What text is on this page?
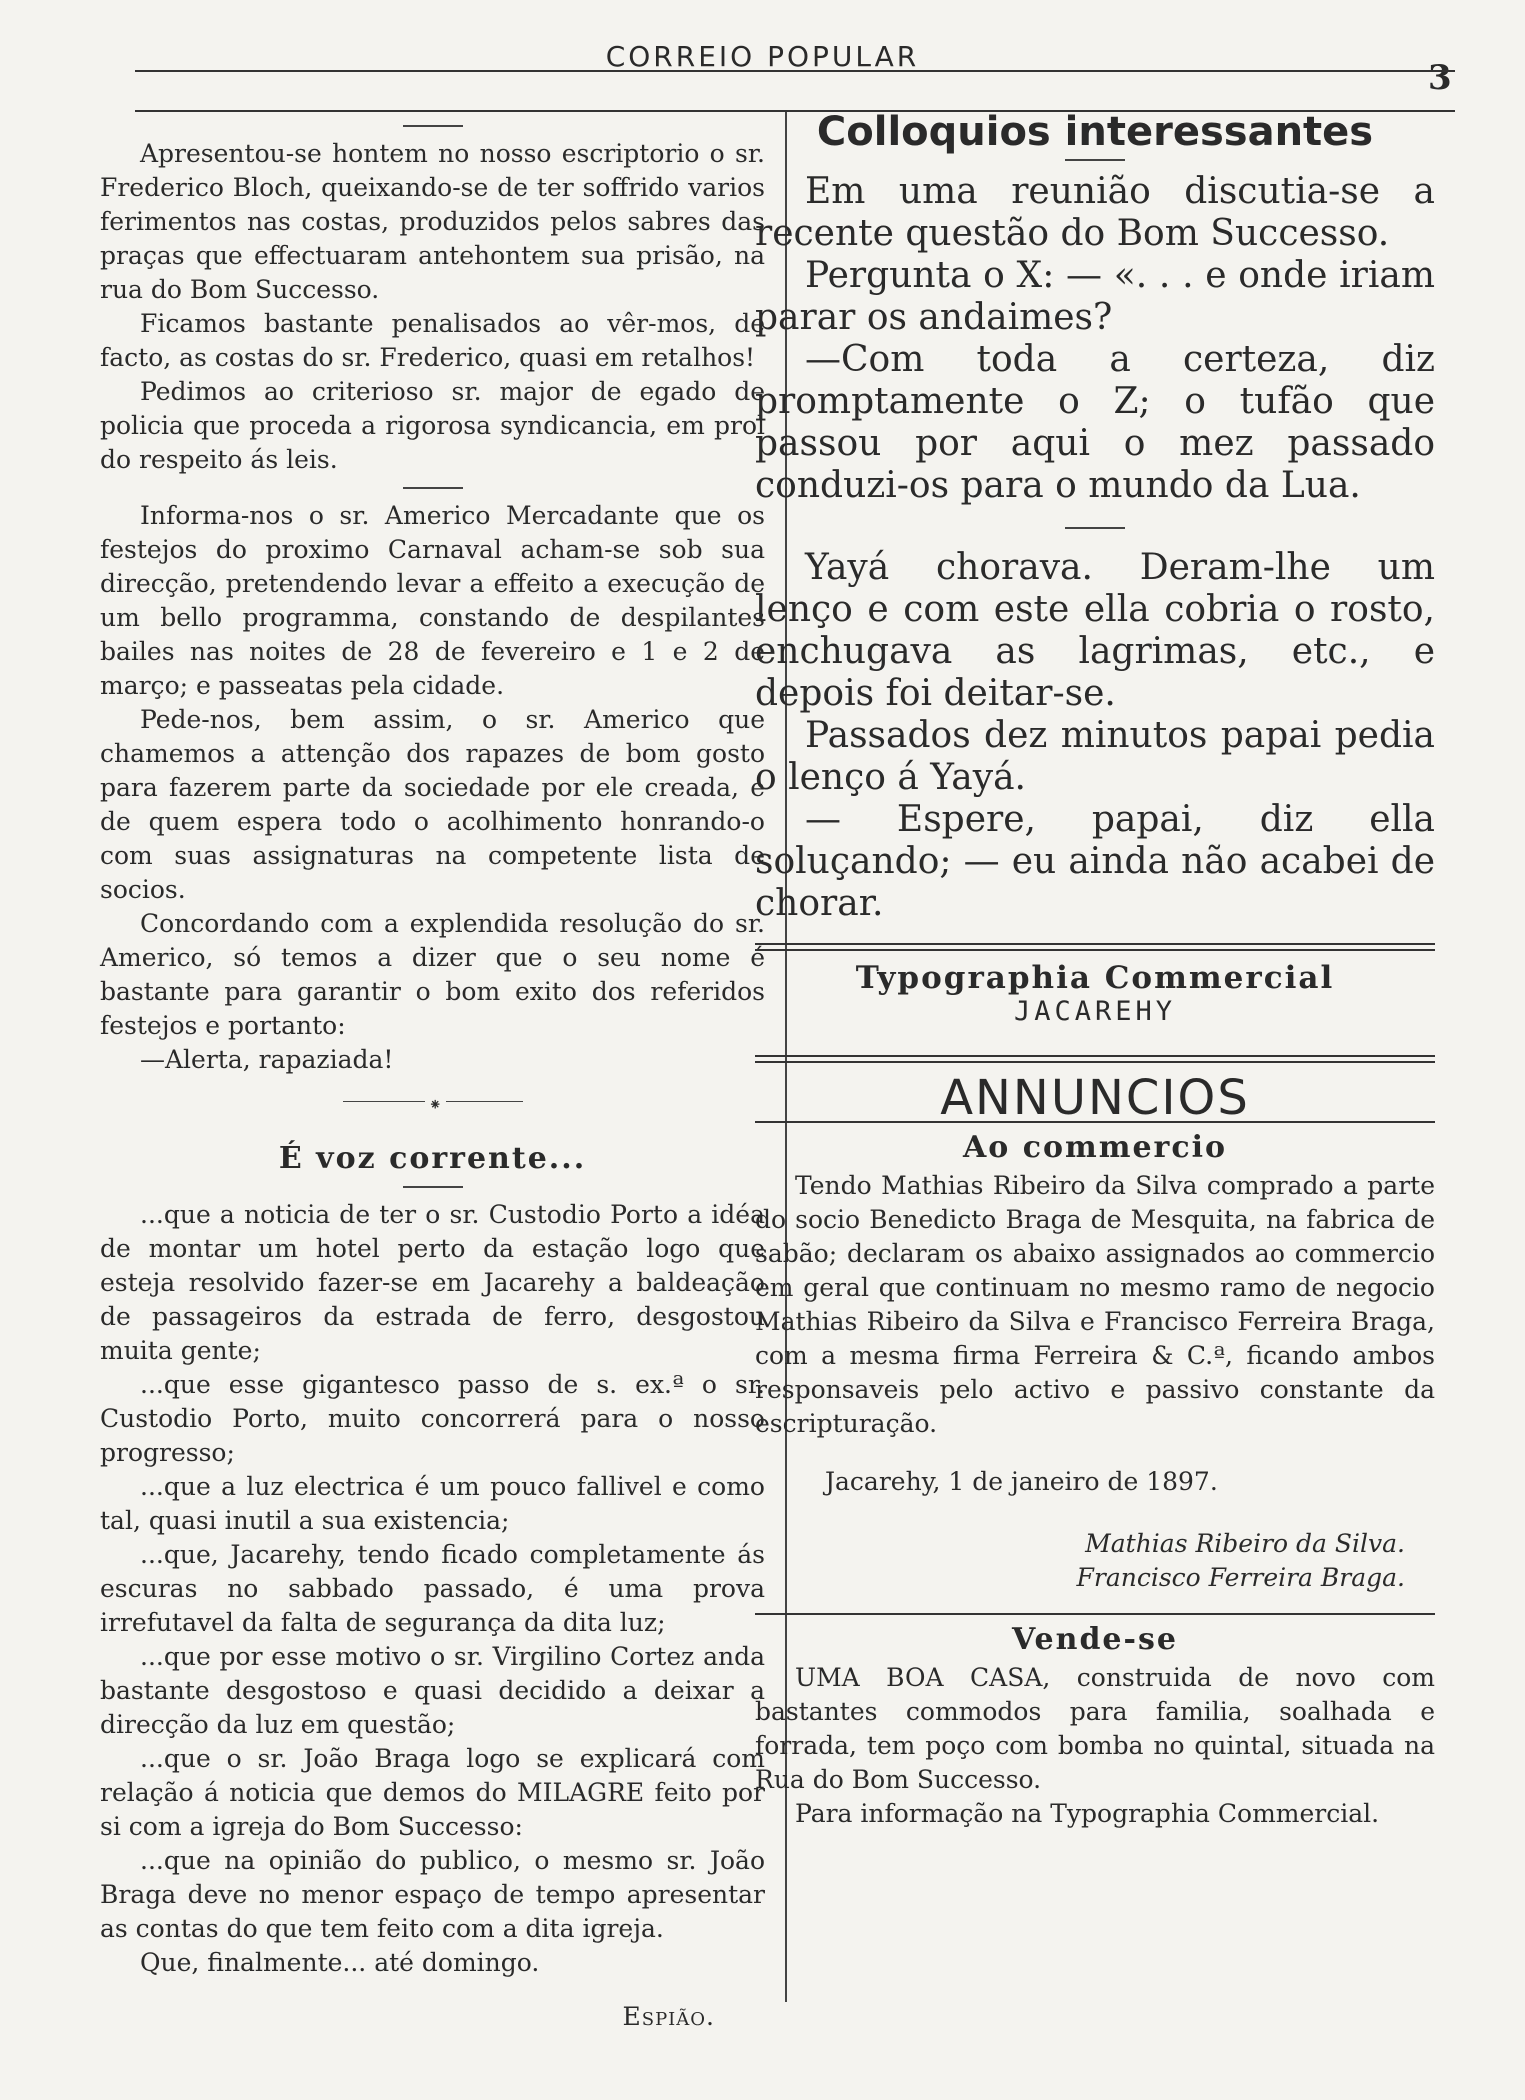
CORREIO POPULAR
3

Apresentou-se hontem no nosso escriptorio o sr. Frederico Bloch, queixando-se de ter soffrido varios ferimentos nas costas, produzidos pelos sabres das praças que effectuaram antehontem sua prisão, na rua do Bom Successo.

Ficamos bastante penalisados ao vêr-mos, de facto, as costas do sr. Frederico, quasi em retalhos!

Pedimos ao criterioso sr. major de egado de policia que proceda a rigorosa syndicancia, em prol do respeito ás leis.

Informa-nos o sr. Americo Mercadante que os festejos do proximo Carnaval acham-se sob sua direcção, pretendendo levar a effeito a execução de um bello programma, constando de despilantes bailes nas noites de 28 de fevereiro e 1 e 2 de março; e passeatas pela cidade.

Pede-nos, bem assim, o sr. Americo que chamemos a attenção dos rapazes de bom gosto para fazerem parte da sociedade por ele creada, e de quem espera todo o acolhimento honrando-o com suas assignaturas na competente lista de socios.

Concordando com a explendida resolução do sr. Americo, só temos a dizer que o seu nome é bastante para garantir o bom exito dos referidos festejos e portanto:

—Alerta, rapaziada!

⁕
É voz corrente...

...que a noticia de ter o sr. Custodio Porto a idéa de montar um hotel perto da estação logo que esteja resolvido fazer-se em Jacarehy a baldeação de passageiros da estrada de ferro, desgostou muita gente;

...que esse gigantesco passo de s. ex.ª o sr. Custodio Porto, muito concorrerá para o nosso progresso;

...que a luz electrica é um pouco fallivel e como tal, quasi inutil a sua existencia;

...que, Jacarehy, tendo ficado completamente ás escuras no sabbado passado, é uma prova irrefutavel da falta de segurança da dita luz;

...que por esse motivo o sr. Virgilino Cortez anda bastante desgostoso e quasi decidido a deixar a direcção da luz em questão;

...que o sr. João Braga logo se explicará com relação á noticia que demos do MILAGRE feito por si com a igreja do Bom Successo:

...que na opinião do publico, o mesmo sr. João Braga deve no menor espaço de tempo apresentar as contas do que tem feito com a dita igreja.

Que, finalmente... até domingo.

Espião.
Colloquios interessantes

Em uma reunião discutia-se a recente questão do Bom Successo.

Pergunta o X: — «. . . e onde iriam parar os andaimes?

—Com toda a certeza, diz promptamente o Z; o tufão que passou por aqui o mez passado conduzi-os para o mundo da Lua.

Yayá chorava. Deram-lhe um lenço e com este ella cobria o rosto, enchugava as lagrimas, etc., e depois foi deitar-se.

Passados dez minutos papai pedia o lenço á Yayá.

— Espere, papai, diz ella soluçando; — eu ainda não acabei de chorar.

Typographia Commercial
JACAREHY
ANNUNCIOS
Ao commercio

Tendo Mathias Ribeiro da Silva comprado a parte do socio Benedicto Braga de Mesquita, na fabrica de sabão; declaram os abaixo assignados ao commercio em geral que continuam no mesmo ramo de negocio Mathias Ribeiro da Silva e Francisco Ferreira Braga, com a mesma firma Ferreira & C.ª, ficando ambos responsaveis pelo activo e passivo constante da escripturação.

Jacarehy, 1 de janeiro de 1897.

Mathias Ribeiro da Silva.

Francisco Ferreira Braga.

Vende-se

UMA BOA CASA, construida de novo com bastantes commodos para familia, soalhada e forrada, tem poço com bomba no quintal, situada na Rua do Bom Successo.

Para informação na Typographia Commercial.
